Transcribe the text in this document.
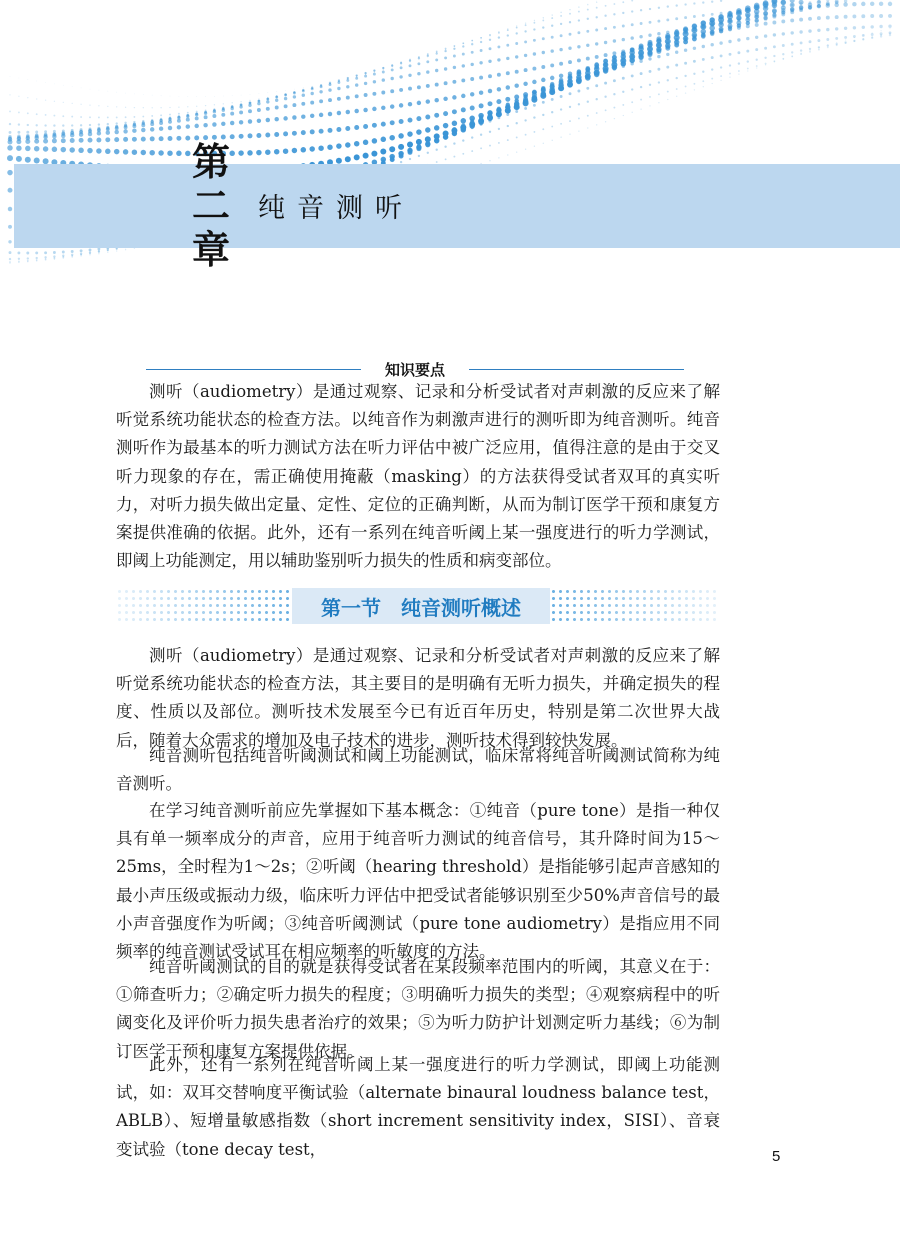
第
二
章
纯音测听
知识要点

测听（audiometry）是通过观察、记录和分析受试者对声刺激的反应来了解听觉系统功能状态的检查方法。以纯音作为刺激声进行的测听即为纯音测听。纯音测听作为最基本的听力测试方法在听力评估中被广泛应用，值得注意的是由于交叉听力现象的存在，需正确使用掩蔽（masking）的方法获得受试者双耳的真实听力，对听力损失做出定量、定性、定位的正确判断，从而为制订医学干预和康复方案提供准确的依据。此外，还有一系列在纯音听阈上某一强度进行的听力学测试，即阈上功能测定，用以辅助鉴别听力损失的性质和病变部位。

第一节　纯音测听概述

测听（audiometry）是通过观察、记录和分析受试者对声刺激的反应来了解听觉系统功能状态的检查方法，其主要目的是明确有无听力损失，并确定损失的程度、性质以及部位。测听技术发展至今已有近百年历史，特别是第二次世界大战后，随着大众需求的增加及电子技术的进步，测听技术得到较快发展。

纯音测听包括纯音听阈测试和阈上功能测试，临床常将纯音听阈测试简称为纯音测听。

在学习纯音测听前应先掌握如下基本概念：①纯音（pure tone）是指一种仅具有单一频率成分的声音，应用于纯音听力测试的纯音信号，其升降时间为15～25ms，全时程为1～2s；②听阈（hearing threshold）是指能够引起声音感知的最小声压级或振动力级，临床听力评估中把受试者能够识别至少50%声音信号的最小声音强度作为听阈；③纯音听阈测试（pure tone audiometry）是指应用不同频率的纯音测试受试耳在相应频率的听敏度的方法。

纯音听阈测试的目的就是获得受试者在某段频率范围内的听阈，其意义在于：①筛查听力；②确定听力损失的程度；③明确听力损失的类型；④观察病程中的听阈变化及评价听力损失患者治疗的效果；⑤为听力防护计划测定听力基线；⑥为制订医学干预和康复方案提供依据。

此外，还有一系列在纯音听阈上某一强度进行的听力学测试，即阈上功能测试，如：双耳交替响度平衡试验（alternate binaural loudness balance test，ABLB）、短增量敏感指数（short increment sensitivity index，SISI）、音衰变试验（tone decay test，	5
